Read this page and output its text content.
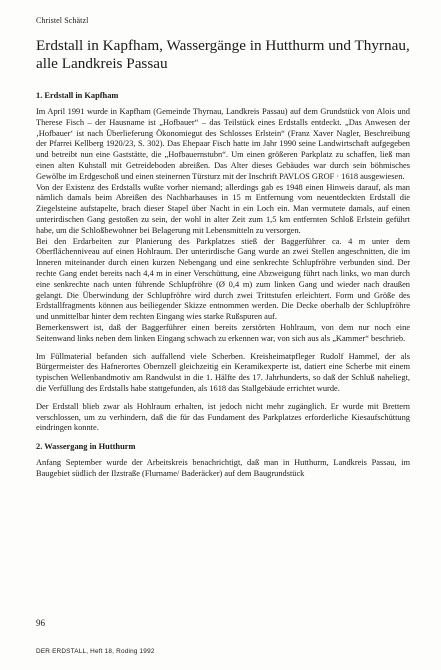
Christel Schätzl
Erdstall in Kapfham, Wassergänge in Hutthurm und Thyrnau, alle Landkreis Passau
1. Erdstall in Kapfham

Im April 1991 wurde in Kapfham (Gemeinde Thyrnau, Landkreis Passau) auf dem Grundstück von Alois und Therese Fisch – der Hausname ist „Hofbauer“ – das Teilstück eines Erdstalls entdeckt. „Das Anwesen der ‚Hofbauer‘ ist nach Überlieferung Ökonomiegut des Schlosses Erlstein“ (Franz Xaver Nagler, Beschreibung der Pfarrei Kellberg 1920/23, S. 302). Das Ehepaar Fisch hatte im Jahr 1990 seine Landwirtschaft aufgegeben und betreibt nun eine Gaststätte, die „Hofbauernstubn“. Um einen größeren Parkplatz zu schaffen, ließ man einen alten Kuhstall mit Getreideboden abreißen. Das Alter dieses Gebäudes war durch sein böhmisches Gewölbe im Erdgeschoß und einen steinernen Türsturz mit der Inschrift PAVLOS GROF · 1618 ausgewiesen.

Von der Existenz des Erdstalls wußte vorher niemand; allerdings gab es 1948 einen Hinweis darauf, als man nämlich damals beim Abreißen des Nachbarhauses in 15 m Entfernung vom neuentdeckten Erdstall die Ziegelsteine aufstapelte, brach dieser Stapel über Nacht in ein Loch ein. Man vermutete damals, auf einen unterirdischen Gang gestoßen zu sein, der wohl in alter Zeit zum 1,5 km entfernten Schloß Erlstein geführt habe, um die Schloßbewohner bei Belagerung mit Lebensmitteln zu versorgen.

Bei den Erdarbeiten zur Planierung des Parkplatzes stieß der Baggerführer ca. 4 m unter dem Oberflächenniveau auf einen Hohlraum. Der unterirdische Gang wurde an zwei Stellen angeschnitten, die im Inneren miteinander durch einen kurzen Nebengang und eine senkrechte Schlupfröhre verbunden sind. Der rechte Gang endet bereits nach 4,4 m in einer Verschüttung, eine Abzweigung führt nach links, wo man durch eine senkrechte nach unten führende Schlupfröhre (Ø 0,4 m) zum linken Gang und wieder nach draußen gelangt. Die Überwindung der Schlupfröhre wird durch zwei Trittstufen erleichtert. Form und Größe des Erdstallfragments können aus beiliegender Skizze entnommen werden. Die Decke oberhalb der Schlupfröhre und unmittelbar hinter dem rechten Eingang wies starke Rußspuren auf.

Bemerkenswert ist, daß der Baggerführer einen bereits zerstörten Hohlraum, von dem nur noch eine Seitenwand links neben dem linken Eingang schwach zu erkennen war, von sich aus als „Kammer“ beschrieb.

Im Füllmaterial befanden sich auffallend viele Scherben. Kreisheimatpfleger Rudolf Hammel, der als Bürgermeister des Hafnerortes Obernzell gleichzeitig ein Keramikexperte ist, datiert eine Scherbe mit einem typischen Wellenbandmotiv am Randwulst in die 1. Hälfte des 17. Jahrhunderts, so daß der Schluß naheliegt, die Verfüllung des Erdstalls habe stattgefunden, als 1618 das Stallgebäude errichtet wurde.

Der Erdstall blieb zwar als Hohlraum erhalten, ist jedoch nicht mehr zugänglich. Er wurde mit Brettern verschlossen, um zu verhindern, daß die für das Fundament des Parkplatzes erforderliche Kiesaufschüttung eindringen konnte.

2. Wassergang in Hutthurm

Anfang September wurde der Arbeitskreis benachrichtigt, daß man in Hutthurm, Landkreis Passau, im Baugebiet südlich der Ilzstraße (Flurname/ Baderäcker) auf dem Baugrundstück

96
DER ERDSTALL, Heft 18, Roding 1992
